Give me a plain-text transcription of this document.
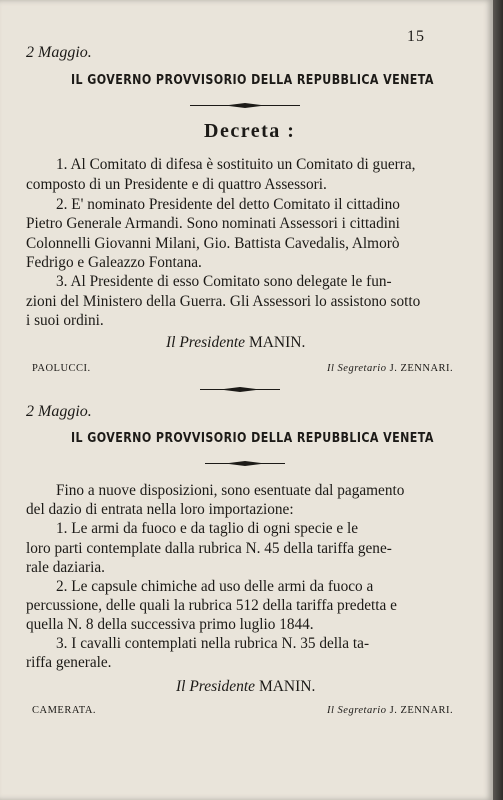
15
2 Maggio.
IL GOVERNO PROVVISORIO DELLA REPUBBLICA VENETA
Decreta :
1. Al Comitato di difesa è sostituito un Comitato di guerra,
composto di un Presidente e di quattro Assessori.
2. E' nominato Presidente del detto Comitato il cittadino
Pietro Generale Armandi. Sono nominati Assessori i cittadini
Colonnelli Giovanni Milani, Gio. Battista Cavedalis, Almorò
Fedrigo e Galeazzo Fontana.
3. Al Presidente di esso Comitato sono delegate le fun-
zioni del Ministero della Guerra. Gli Assessori lo assistono sotto
i suoi ordini.
Il Presidente MANIN.
PAOLUCCI.	Il Segretario J. ZENNARI.
2 Maggio.
IL GOVERNO PROVVISORIO DELLA REPUBBLICA VENETA
Fino a nuove disposizioni, sono esentuate dal pagamento
del dazio di entrata nella loro importazione:
1. Le armi da fuoco e da taglio di ogni specie e le
loro parti contemplate dalla rubrica N. 45 della tariffa gene-
rale daziaria.
2. Le capsule chimiche ad uso delle armi da fuoco a
percussione, delle quali la rubrica 512 della tariffa predetta e
quella N. 8 della successiva primo luglio 1844.
3. I cavalli contemplati nella rubrica N. 35 della ta-
riffa generale.
Il Presidente MANIN.
CAMERATA.	Il Segretario J. ZENNARI.
